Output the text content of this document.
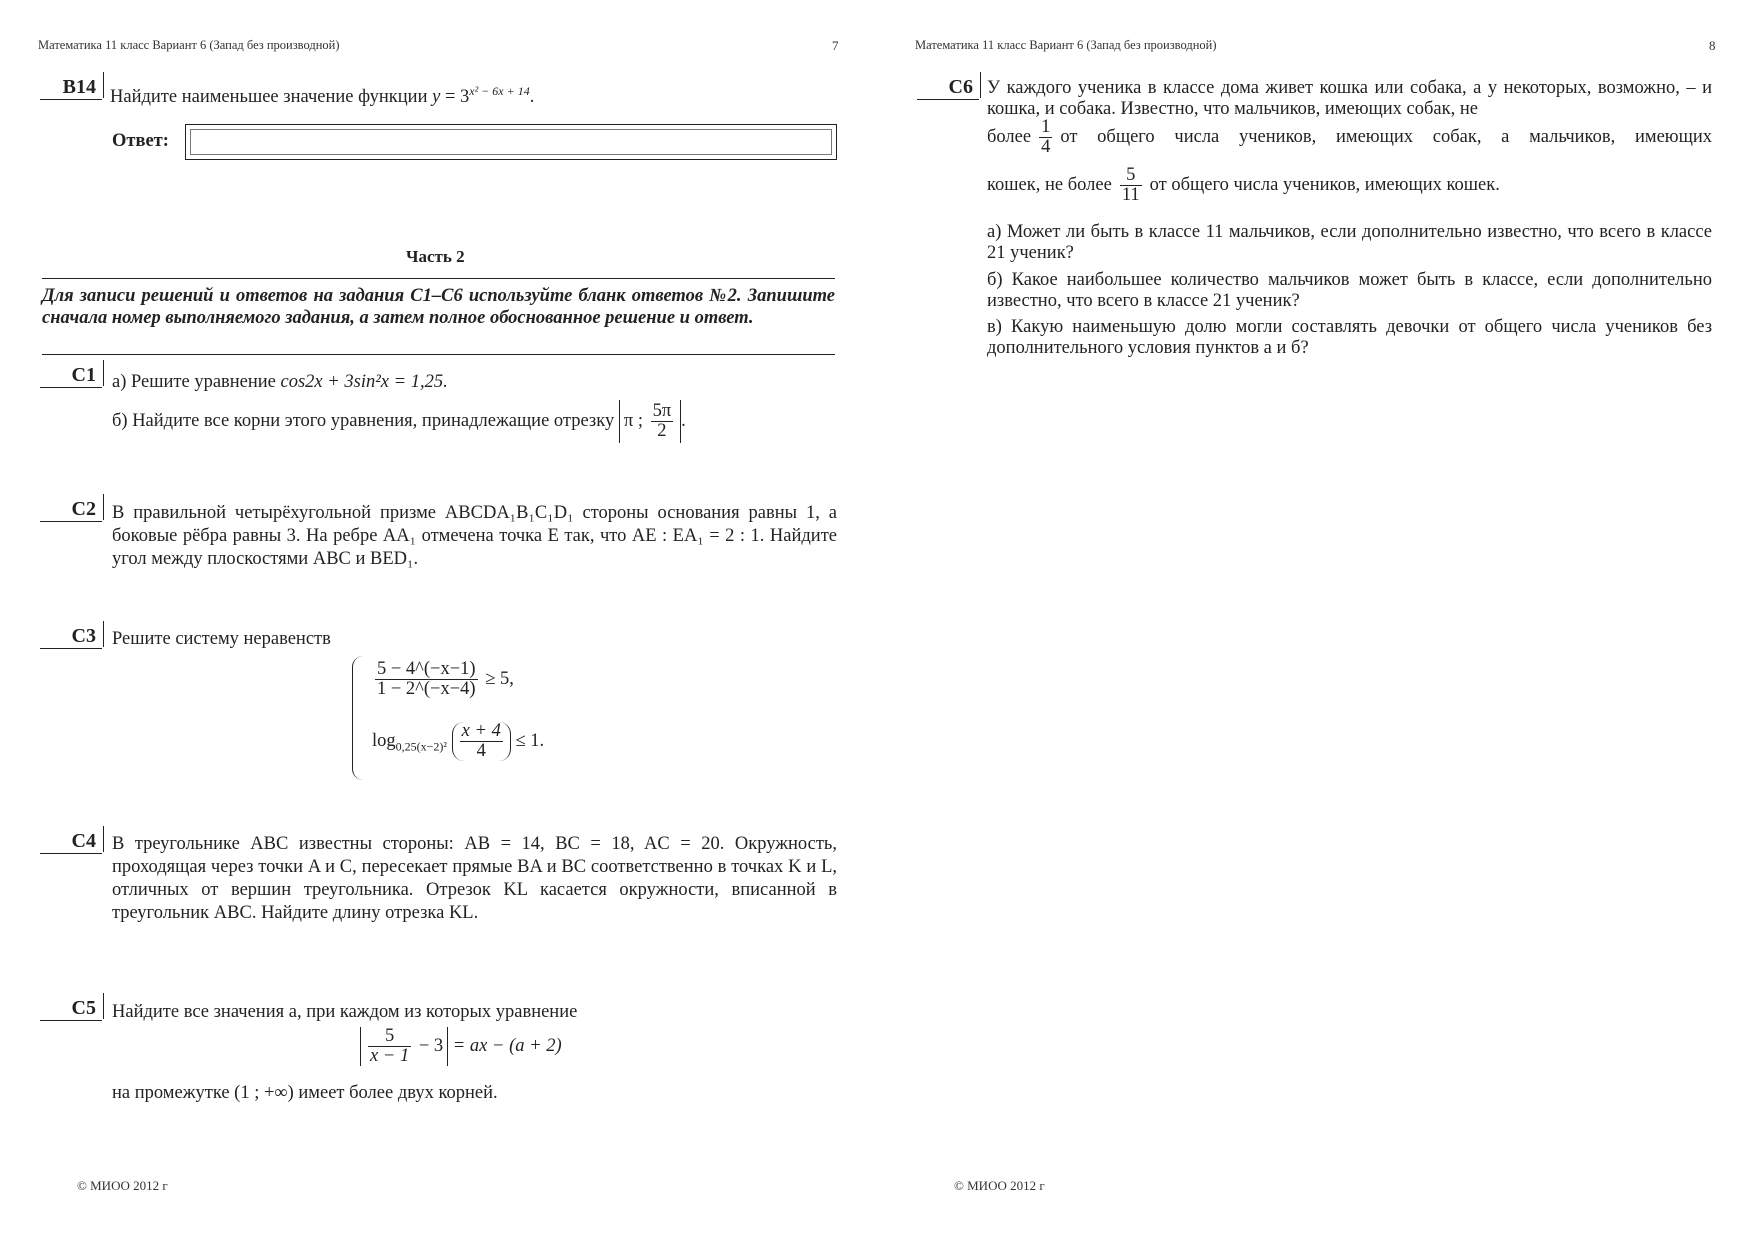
Математика 11 класс Вариант 6 (Запад без производной)	7
B14 Найдите наименьшее значение функции $y = 3^{x^2 - 6x + 14}$.
Ответ:
Часть 2
Для записи решений и ответов на задания С1–С6 используйте бланк ответов №2. Запишите сначала номер выполняемого задания, а затем полное обоснованное решение и ответ.
C1 а) Решите уравнение cos2x + 3sin²x = 1,25.
б) Найдите все корни этого уравнения, принадлежащие отрезку π ; $\frac{5\pi}{2}$ .
C2 В правильной четырёхугольной призме ABCDA₁B₁C₁D₁ стороны основания равны 1, а боковые рёбра равны 3. На ребре AA₁ отмечена точка E так, что AE : EA₁ = 2 : 1. Найдите угол между плоскостями ABC и BED₁.
C3 Решите систему неравенств
$\frac{5 - 4\^{}(-x-1)}{1 - 2\^{}(-x-4)} \ge 5$,
$\log_{0,25(x-2)^2} \frac{x + 4}{4} \le 1$.
C4 В треугольнике ABC известны стороны: AB = 14, BC = 18, AC = 20. Окружность, проходящая через точки A и C, пересекает прямые BA и BC соответственно в точках K и L, отличных от вершин треугольника. Отрезок KL касается окружности, вписанной в треугольник ABC. Найдите длину отрезка KL.
C5 Найдите все значения a, при каждом из которых уравнение
$\frac{5}{x - 1} - 3$ = ax − (a + 2)
на промежутке (1 ; +∞) имеет более двух корней.
© МИОО 2012 г
Математика 11 класс Вариант 6 (Запад без производной)	8
C6 У каждого ученика в классе дома живет кошка или собака, а у некоторых, возможно, – и кошка, и собака. Известно, что мальчиков, имеющих собак, не
более $\frac{1}{4}$ от общего числа учеников, имеющих собак, а мальчиков, имеющих
кошек, не более $\frac{5}{11}$ от общего числа учеников, имеющих кошек.
а) Может ли быть в классе 11 мальчиков, если дополнительно известно, что всего в классе 21 ученик?
б) Какое наибольшее количество мальчиков может быть в классе, если дополнительно известно, что всего в классе 21 ученик?
в) Какую наименьшую долю могли составлять девочки от общего числа учеников без дополнительного условия пунктов а и б?
© МИОО 2012 г
